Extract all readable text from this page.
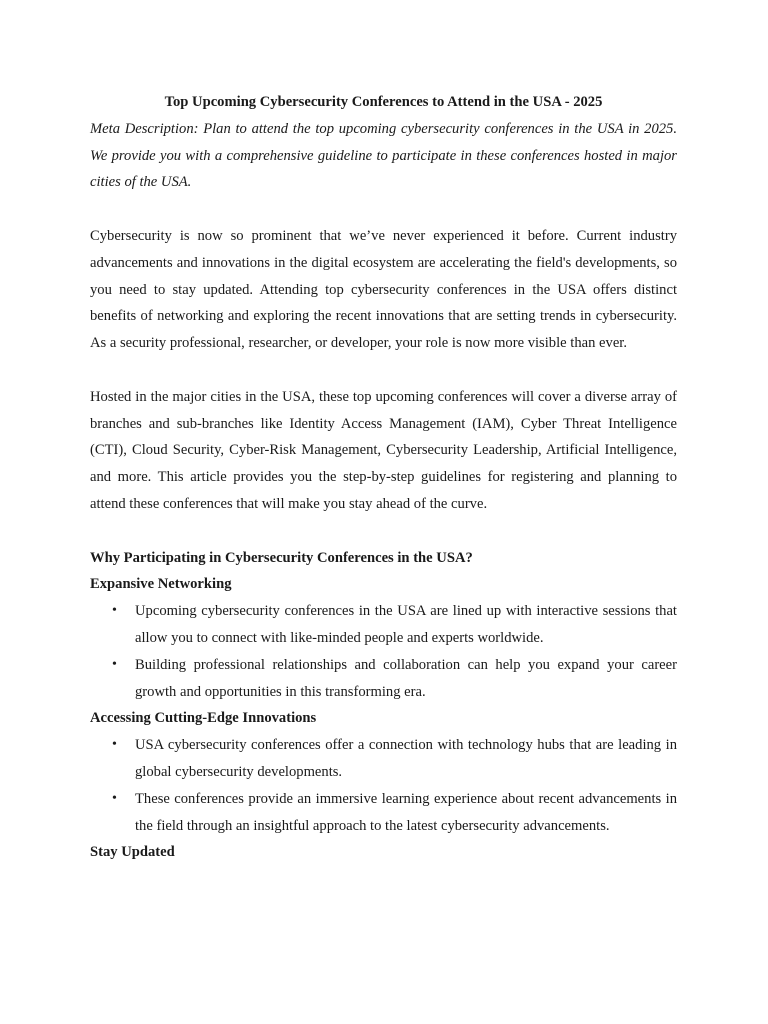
Top Upcoming Cybersecurity Conferences to Attend in the USA - 2025

Meta Description: Plan to attend the top upcoming cybersecurity conferences in the USA in 2025. We provide you with a comprehensive guideline to participate in these conferences hosted in major cities of the USA.

Cybersecurity is now so prominent that we’ve never experienced it before. Current industry advancements and innovations in the digital ecosystem are accelerating the field's developments, so you need to stay updated. Attending top cybersecurity conferences in the USA offers distinct benefits of networking and exploring the recent innovations that are setting trends in cybersecurity. As a security professional, researcher, or developer, your role is now more visible than ever.

Hosted in the major cities in the USA, these top upcoming conferences will cover a diverse array of branches and sub-branches like Identity Access Management (IAM), Cyber Threat Intelligence (CTI), Cloud Security, Cyber-Risk Management, Cybersecurity Leadership, Artificial Intelligence, and more. This article provides you the step-by-step guidelines for registering and planning to attend these conferences that will make you stay ahead of the curve.

Why Participating in Cybersecurity Conferences in the USA?

Expansive Networking

• Upcoming cybersecurity conferences in the USA are lined up with interactive sessions that allow you to connect with like-minded people and experts worldwide.
• Building professional relationships and collaboration can help you expand your career growth and opportunities in this transforming era.

Accessing Cutting-Edge Innovations

• USA cybersecurity conferences offer a connection with technology hubs that are leading in global cybersecurity developments.
• These conferences provide an immersive learning experience about recent advancements in the field through an insightful approach to the latest cybersecurity advancements.

Stay Updated
